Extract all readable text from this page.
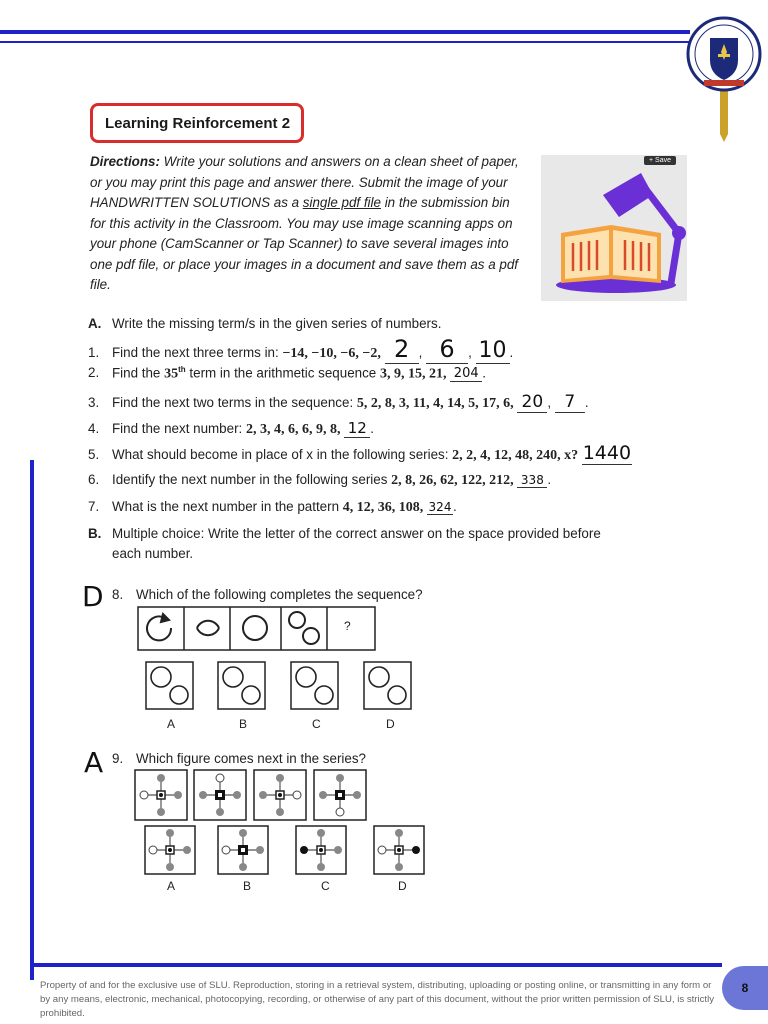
Learning Reinforcement 2
Directions: Write your solutions and answers on a clean sheet of paper, or you may print this page and answer there. Submit the image of your HANDWRITTEN SOLUTIONS as a single pdf file in the submission bin for this activity in the Classroom. You may use image scanning apps on your phone (CamScanner or Tap Scanner) to save several images into one pdf file, or place your images in a document and save them as a pdf file.
+ Save
A. Write the missing term/s in the given series of numbers.
1. Find the next three terms in: −14, −10, −6, −2, 2 , 6 , 10 .
2. Find the 35th term in the arithmetic sequence 3, 9, 15, 21, 204 .
3. Find the next two terms in the sequence: 5, 2, 8, 3, 11, 4, 14, 5, 17, 6, 20 , 7 .
4. Find the next number: 2, 3, 4, 6, 6, 9, 8, 12 .
5. What should become in place of x in the following series: 2, 2, 4, 12, 48, 240, x? 1440
6. Identify the next number in the following series 2, 8, 26, 62, 122, 212, 338 .
7. What is the next number in the pattern 4, 12, 36, 108, 324 .
B. Multiple choice: Write the letter of the correct answer on the space provided before
each number.
D 8. Which of the following completes the sequence?
?
A	B	C	D
A 9. Which figure comes next in the series?
A	B	C	D
Property of and for the exclusive use of SLU. Reproduction, storing in a retrieval system, distributing, uploading or posting online, or transmitting in any form or by any means, electronic, mechanical, photocopying, recording, or otherwise of any part of this document, without the prior written permission of SLU, is strictly prohibited.
8
